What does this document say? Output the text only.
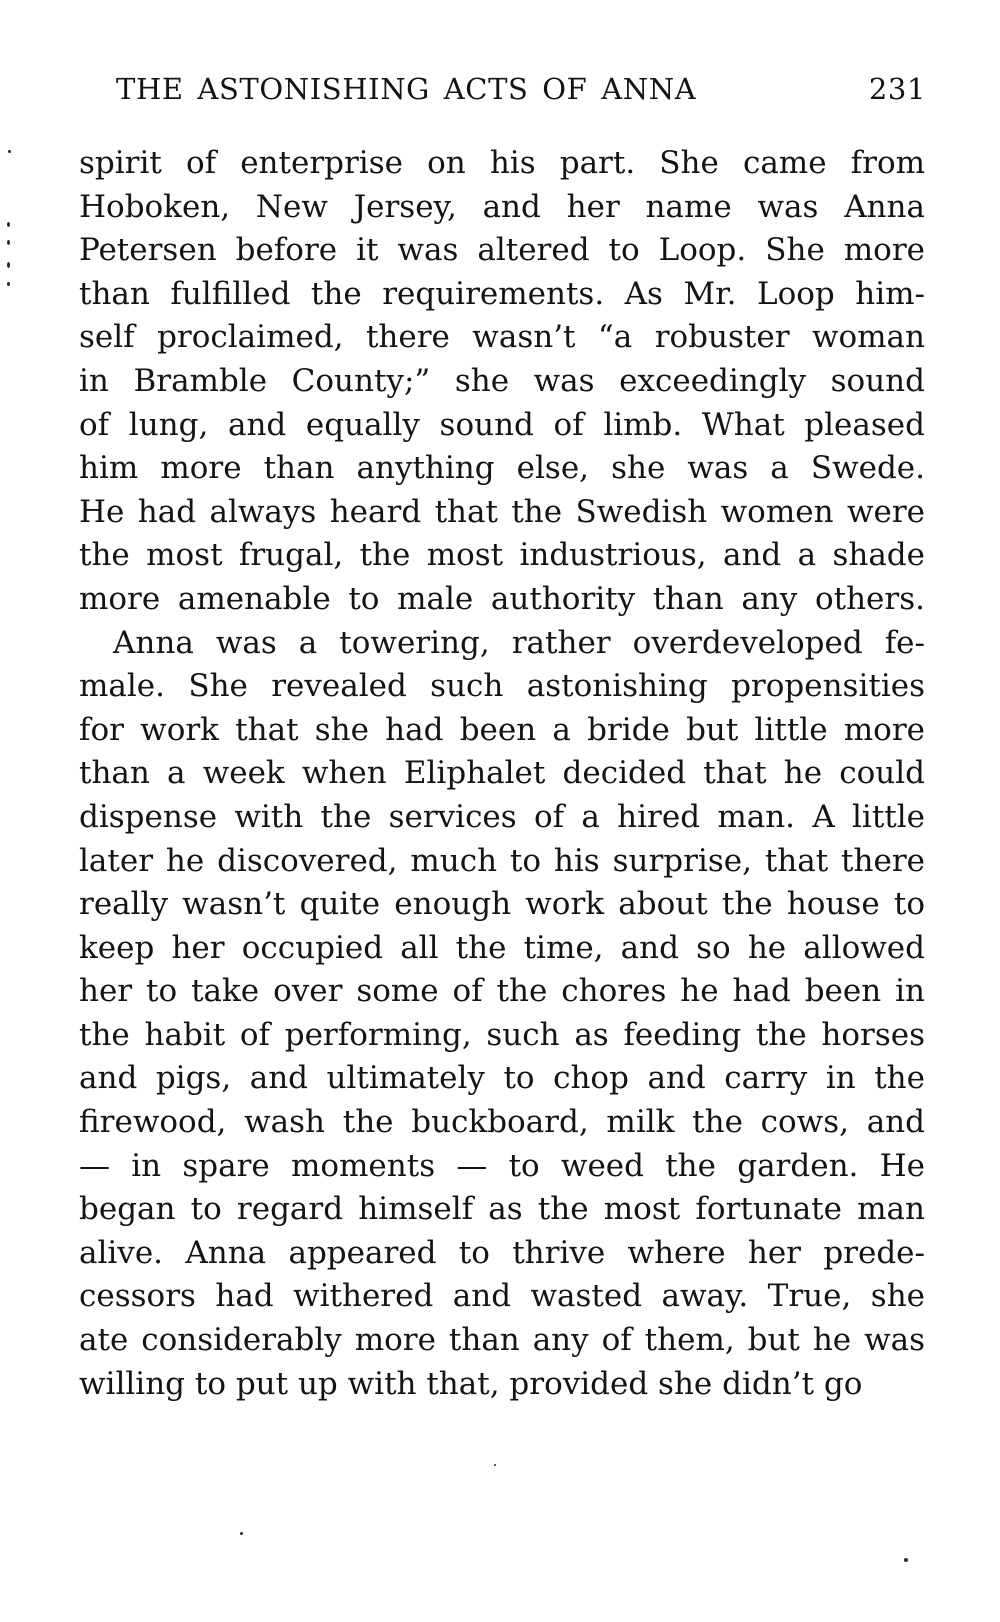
THE ASTONISHING ACTS OF ANNA	231
spirit of enterprise on his part. She came from
Hoboken, New Jersey, and her name was Anna
Petersen before it was altered to Loop. She more
than fulfilled the requirements. As Mr. Loop him-
self proclaimed, there wasn’t “a robuster woman
in Bramble County;” she was exceedingly sound
of lung, and equally sound of limb. What pleased
him more than anything else, she was a Swede.
He had always heard that the Swedish women were
the most frugal, the most industrious, and a shade
more amenable to male authority than any others.
Anna was a towering, rather overdeveloped fe-
male. She revealed such astonishing propensities
for work that she had been a bride but little more
than a week when Eliphalet decided that he could
dispense with the services of a hired man. A little
later he discovered, much to his surprise, that there
really wasn’t quite enough work about the house to
keep her occupied all the time, and so he allowed
her to take over some of the chores he had been in
the habit of performing, such as feeding the horses
and pigs, and ultimately to chop and carry in the
firewood, wash the buckboard, milk the cows, and
— in spare moments — to weed the garden. He
began to regard himself as the most fortunate man
alive. Anna appeared to thrive where her prede-
cessors had withered and wasted away. True, she
ate considerably more than any of them, but he was
willing to put up with that, provided she didn’t go
